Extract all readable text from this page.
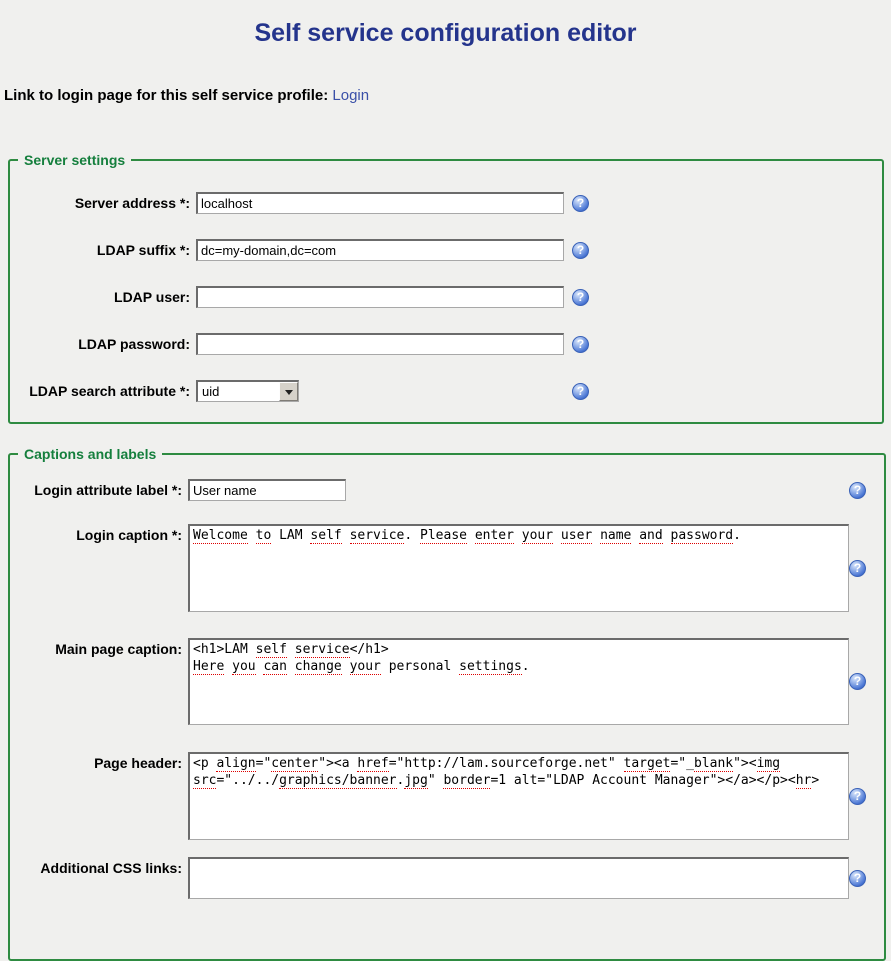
Self service configuration editor
Link to login page for this self service profile: Login
Server settings
Server address *:
localhost	?
LDAP suffix *:
dc=my-domain,dc=com	?
LDAP user:	?
LDAP password:	?
LDAP search attribute *: uid	?
Captions and labels
Login attribute label *:
User name	?
Login caption *: Welcome to LAM self service. Please enter your user name and password.
?
Main page caption: <h1>LAM self service</h1>
Here you can change your personal settings.
?
Page header: <p align="center"><a href="http://lam.sourceforge.net" target="_blank"><img
src="../../graphics/banner.jpg" border=1 alt="LDAP Account Manager"></a></p><hr>
?
Additional CSS links:
?
